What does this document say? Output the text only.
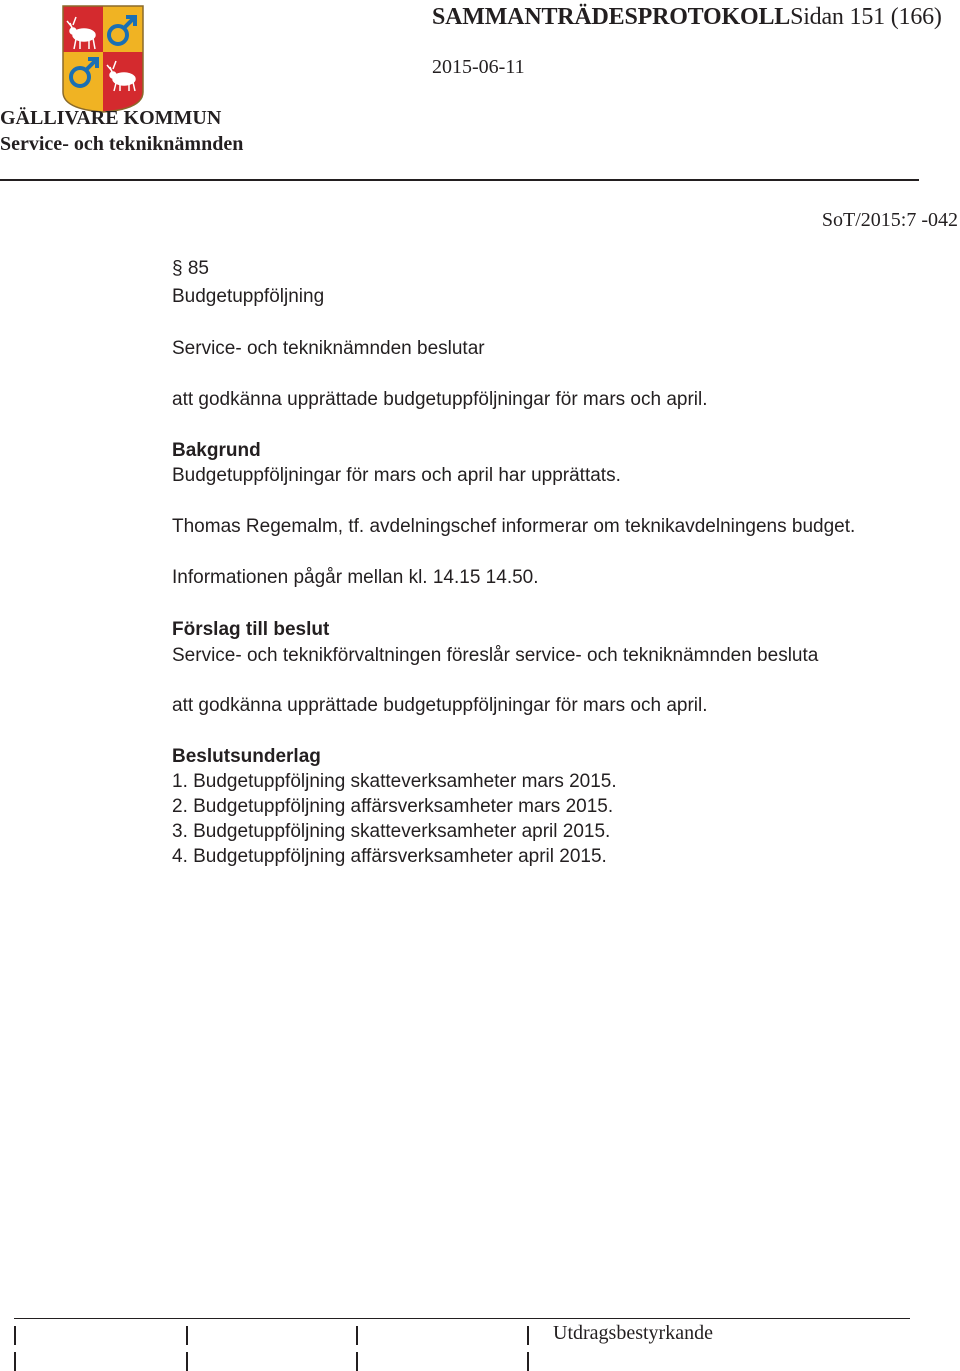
SAMMANTRÄDESPROTOKOLLSidan 151 (166)
2015-06-11
GÄLLIVARE KOMMUN
Service- och tekniknämnden
SoT/2015:7 -042
§ 85
Budgetuppföljning
Service- och tekniknämnden beslutar
att godkänna upprättade budgetuppföljningar för mars och april.
Bakgrund
Budgetuppföljningar för mars och april har upprättats.
Thomas Regemalm, tf. avdelningschef informerar om teknikavdelningens budget.
Informationen pågår mellan kl. 14.15 14.50.
Förslag till beslut
Service- och teknikförvaltningen föreslår service- och tekniknämnden besluta
att godkänna upprättade budgetuppföljningar för mars och april.
Beslutsunderlag
1. Budgetuppföljning skatteverksamheter mars 2015.
2. Budgetuppföljning affärsverksamheter mars 2015.
3. Budgetuppföljning skatteverksamheter april 2015.
4. Budgetuppföljning affärsverksamheter april 2015.
Utdragsbestyrkande
